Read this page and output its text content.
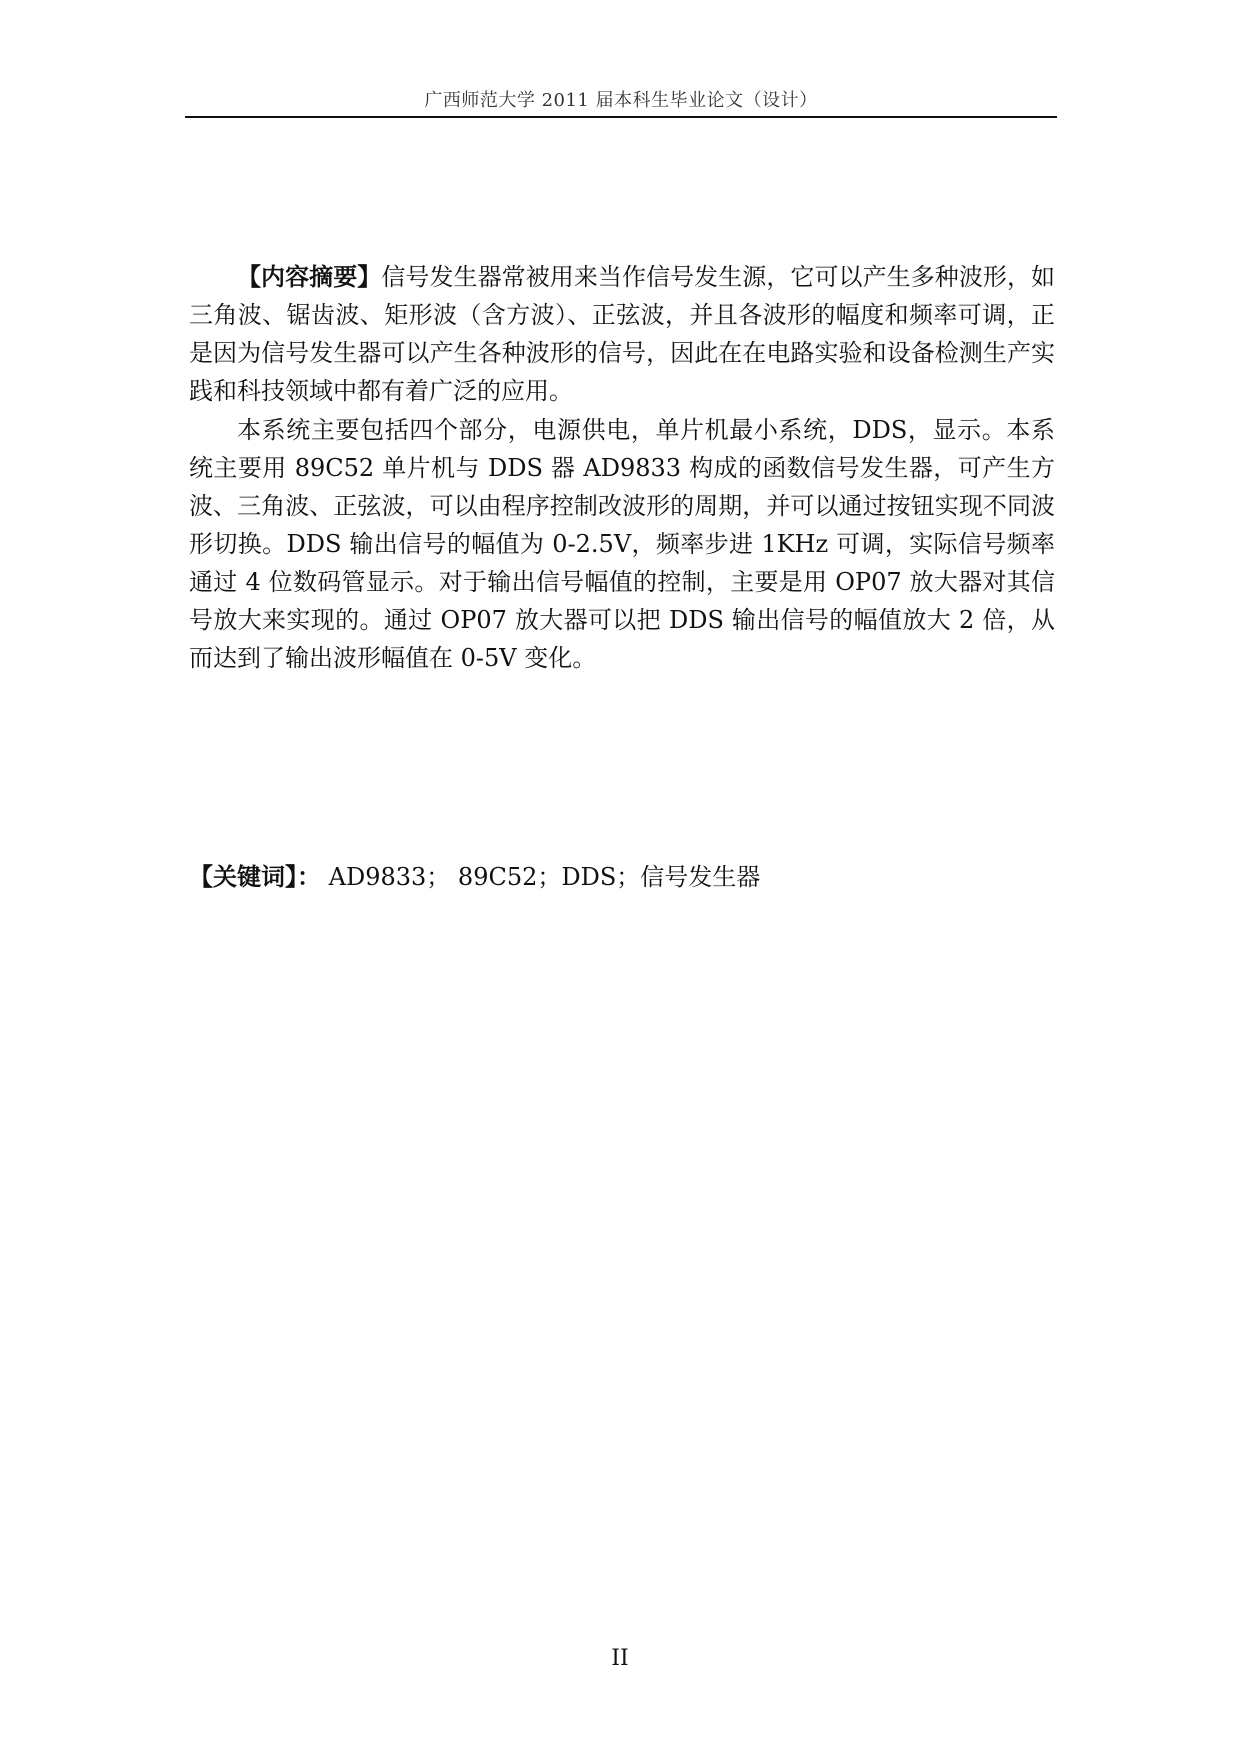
广西师范大学 2011 届本科生毕业论文（设计）

【内容摘要】信号发生器常被用来当作信号发生源，它可以产生多种波形，如三角波、锯齿波、矩形波（含方波）、正弦波，并且各波形的幅度和频率可调，正是因为信号发生器可以产生各种波形的信号，因此在在电路实验和设备检测生产实践和科技领域中都有着广泛的应用。

本系统主要包括四个部分，电源供电，单片机最小系统，DDS，显示。本系统主要用 89C52 单片机与 DDS 器 AD9833 构成的函数信号发生器，可产生方波、三角波、正弦波，可以由程序控制改波形的周期，并可以通过按钮实现不同波形切换。DDS 输出信号的幅值为 0-2.5V，频率步进 1KHz 可调，实际信号频率通过 4 位数码管显示。对于输出信号幅值的控制，主要是用 OP07 放大器对其信号放大来实现的。通过 OP07 放大器可以把 DDS 输出信号的幅值放大 2 倍，从而达到了输出波形幅值在 0-5V 变化。

【关键词】： AD9833； 89C52；DDS；信号发生器
II
